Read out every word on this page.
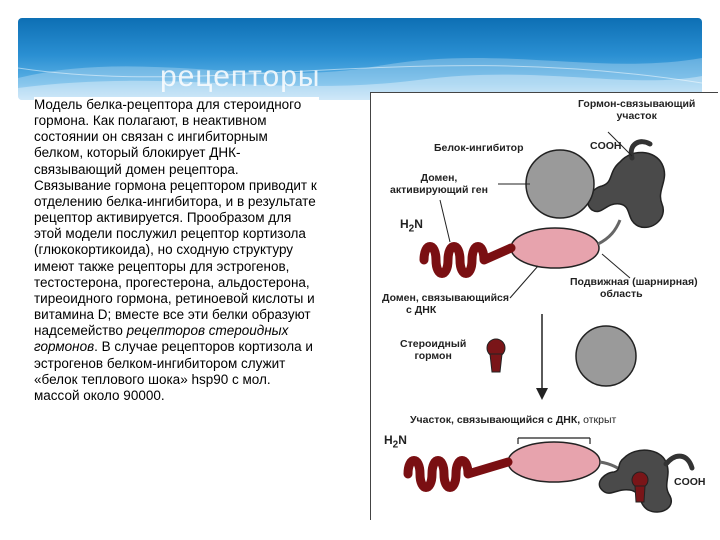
рецепторы
Модель белка-рецептора для стероидного гормона. Как полагают, в неактивном состоянии он связан с ингибиторным белком, который блокирует ДНК-связывающий домен рецептора. Связывание гормона рецептором приводит к отделению белка-ингибитора, и в результате рецептор активируется. Прообразом для этой модели послужил рецептор кортизола (глюкокортикоида), но сходную структуру имеют также рецепторы для эстрогенов, тестостерона, прогестерона, альдостерона, тиреоидного гормона, ретиноевой кислоты и витамина D; вместе все эти белки образуют надсемейство рецепторов стероидных гормонов. В случае рецепторов кортизола и эстрогенов белком-ингибитором служит «белок теплового шока» hsp90 с мол. массой около 90000.
Гормон-связывающий
участок
Белок-ингибитор	COOH
Домен,
активирующий ген
$H_2N$
Подвижная (шарнирная)
область
Домен, связывающийся
с ДНК
Стероидный
гормон
Участок, связывающийся с ДНК, открыт
$H_2N$
COOH
